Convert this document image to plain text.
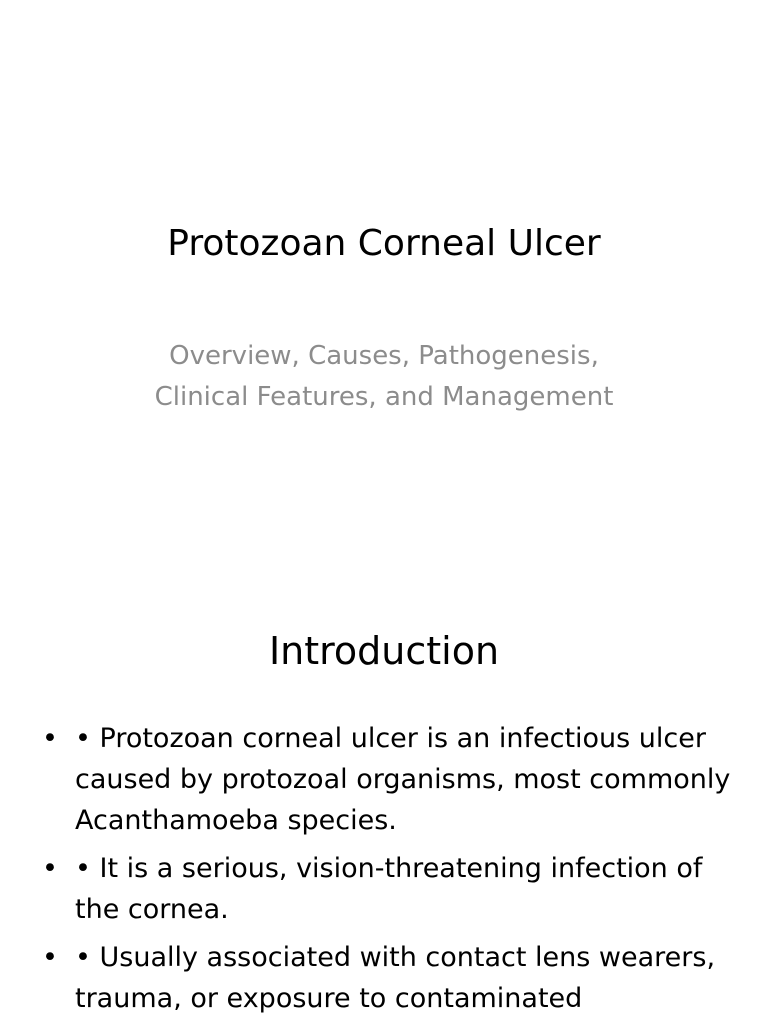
Protozoan Corneal Ulcer
Overview, Causes, Pathogenesis,
Clinical Features, and Management
Introduction
• • Protozoan corneal ulcer is an infectious ulcer caused by protozoal organisms, most commonly Acanthamoeba species.
• • It is a serious, vision-threatening infection of the cornea.
• • Usually associated with contact lens wearers, trauma, or exposure to contaminated
